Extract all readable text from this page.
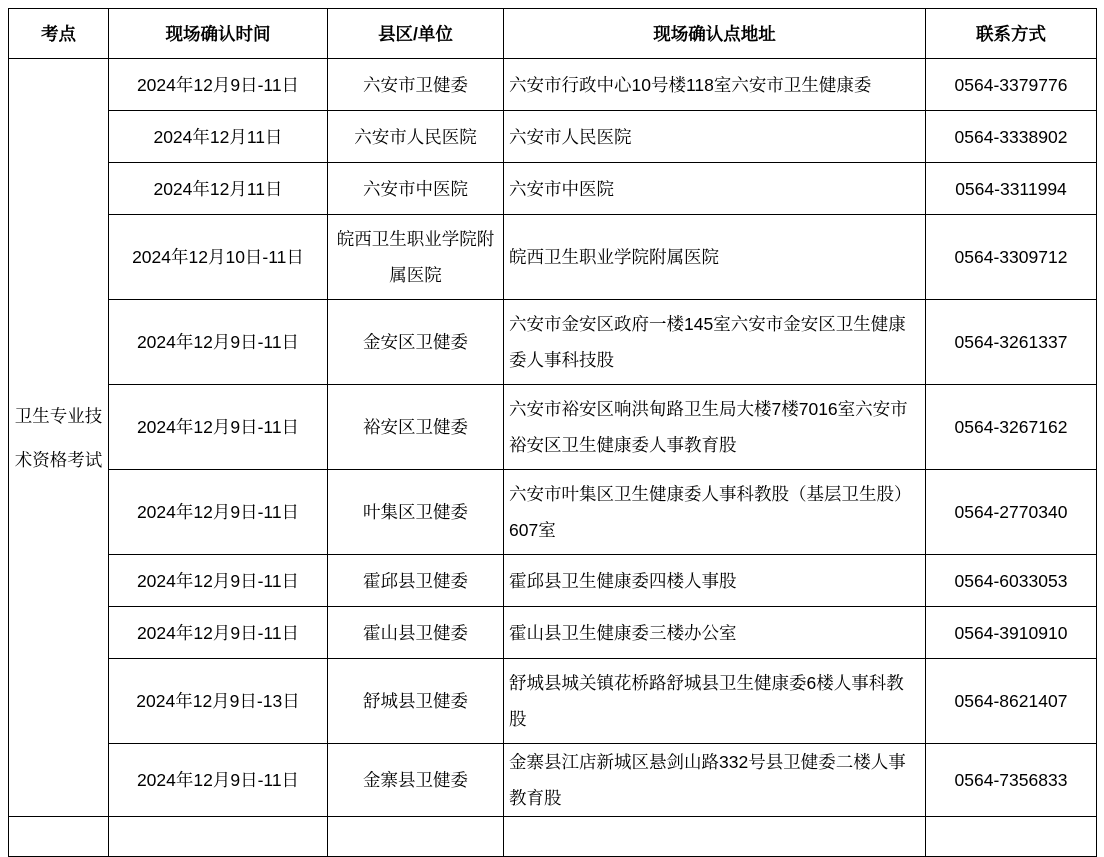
考点	现场确认时间	县区/单位	现场确认点地址	联系方式
卫生专业技术资格考试	2024年12月9日-11日	六安市卫健委	六安市行政中心10号楼118室六安市卫生健康委	0564-3379776
	2024年12月11日	六安市人民医院	六安市人民医院	0564-3338902
	2024年12月11日	六安市中医院	六安市中医院	0564-3311994
	2024年12月10日-11日	皖西卫生职业学院附属医院	皖西卫生职业学院附属医院	0564-3309712
	2024年12月9日-11日	金安区卫健委	六安市金安区政府一楼145室六安市金安区卫生健康委人事科技股	0564-3261337
	2024年12月9日-11日	裕安区卫健委	六安市裕安区响洪甸路卫生局大楼7楼7016室六安市裕安区卫生健康委人事教育股	0564-3267162
	2024年12月9日-11日	叶集区卫健委	六安市叶集区卫生健康委人事科教股（基层卫生股）607室	0564-2770340
	2024年12月9日-11日	霍邱县卫健委	霍邱县卫生健康委四楼人事股	0564-6033053
	2024年12月9日-11日	霍山县卫健委	霍山县卫生健康委三楼办公室	0564-3910910
	2024年12月9日-13日	舒城县卫健委	舒城县城关镇花桥路舒城县卫生健康委6楼人事科教股	0564-8621407
	2024年12月9日-11日	金寨县卫健委	金寨县江店新城区悬剑山路332号县卫健委二楼人事教育股	0564-7356833
